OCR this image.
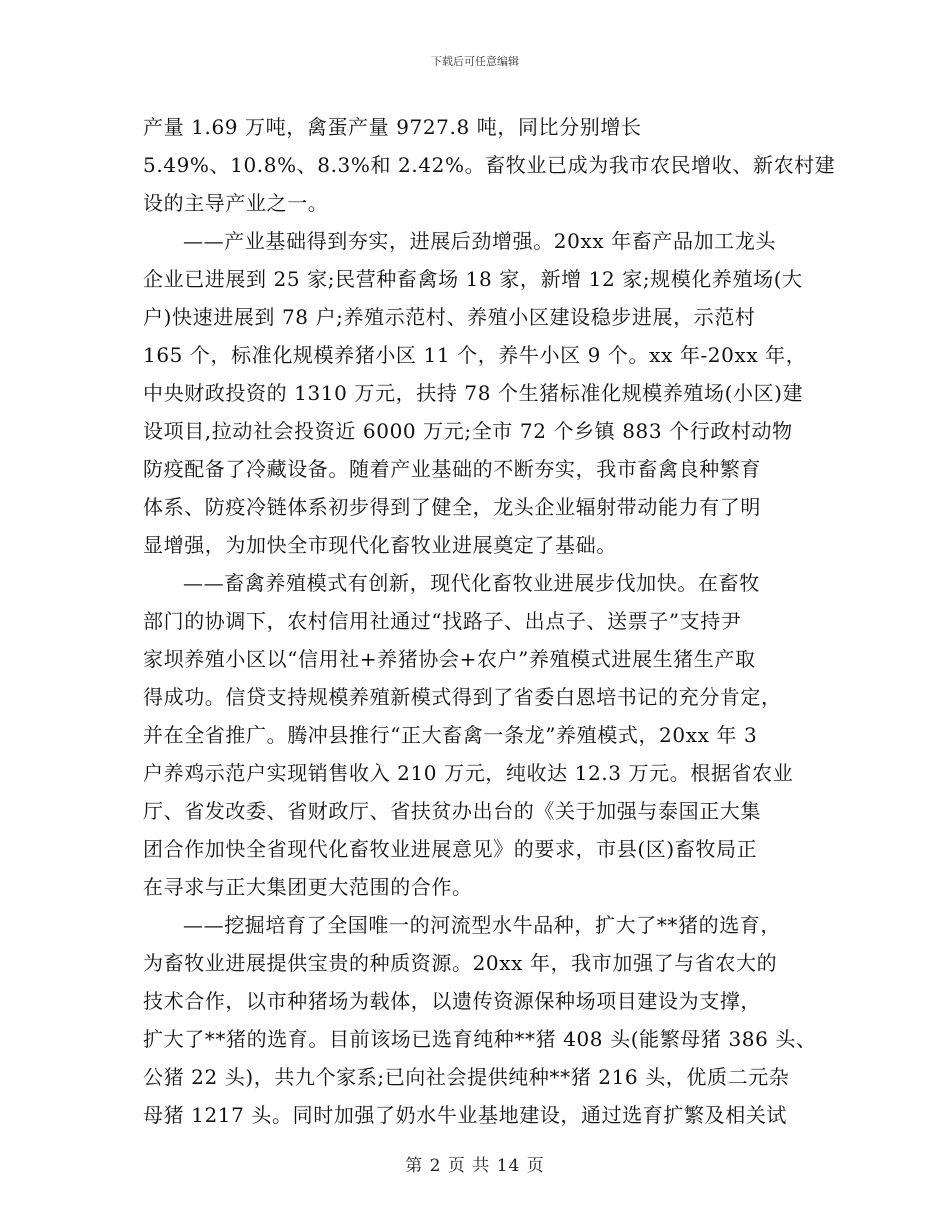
下载后可任意编辑
产量 1.69 万吨，禽蛋产量 9727.8 吨，同比分别增长
5.49%、10.8%、8.3%和 2.42%。畜牧业已成为我市农民增收、新农村建
设的主导产业之一。
——产业基础得到夯实，进展后劲增强。20xx 年畜产品加工龙头
企业已进展到 25 家;民营种畜禽场 18 家，新增 12 家;规模化养殖场(大
户)快速进展到 78 户;养殖示范村、养殖小区建设稳步进展，示范村
165 个，标准化规模养猪小区 11 个，养牛小区 9 个。xx 年-20xx 年，
中央财政投资的 1310 万元，扶持 78 个生猪标准化规模养殖场(小区)建
设项目,拉动社会投资近 6000 万元;全市 72 个乡镇 883 个行政村动物
防疫配备了冷藏设备。随着产业基础的不断夯实，我市畜禽良种繁育
体系、防疫冷链体系初步得到了健全，龙头企业辐射带动能力有了明
显增强，为加快全市现代化畜牧业进展奠定了基础。
——畜禽养殖模式有创新，现代化畜牧业进展步伐加快。在畜牧
部门的协调下，农村信用社通过“找路子、出点子、送票子”支持尹
家坝养殖小区以“信用社+养猪协会+农户”养殖模式进展生猪生产取
得成功。信贷支持规模养殖新模式得到了省委白恩培书记的充分肯定，
并在全省推广。腾冲县推行“正大畜禽一条龙”养殖模式，20xx 年 3
户养鸡示范户实现销售收入 210 万元，纯收达 12.3 万元。根据省农业
厅、省发改委、省财政厅、省扶贫办出台的《关于加强与泰国正大集
团合作加快全省现代化畜牧业进展意见》的要求，市县(区)畜牧局正
在寻求与正大集团更大范围的合作。
——挖掘培育了全国唯一的河流型水牛品种，扩大了**猪的选育，
为畜牧业进展提供宝贵的种质资源。20xx 年，我市加强了与省农大的
技术合作，以市种猪场为载体，以遗传资源保种场项目建设为支撑，
扩大了**猪的选育。目前该场已选育纯种**猪 408 头(能繁母猪 386 头、
公猪 22 头)，共九个家系;已向社会提供纯种**猪 216 头，优质二元杂
母猪 1217 头。同时加强了奶水牛业基地建设，通过选育扩繁及相关试
第 2 页 共 14 页
